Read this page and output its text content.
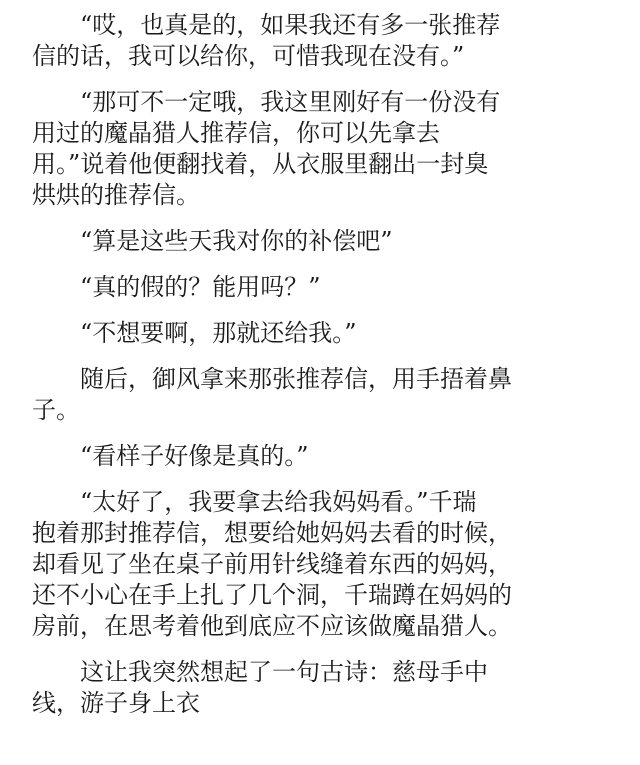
“哎，也真是的，如果我还有多一张推荐
信的话，我可以给你，可惜我现在没有。”

“那可不一定哦，我这里刚好有一份没有
用过的魔晶猎人推荐信，你可以先拿去
用。”说着他便翻找着，从衣服里翻出一封臭
烘烘的推荐信。

“算是这些天我对你的补偿吧”

“真的假的？能用吗？”

“不想要啊，那就还给我。”

随后，御风拿来那张推荐信，用手捂着鼻
子。

“看样子好像是真的。”

“太好了，我要拿去给我妈妈看。”千瑞
抱着那封推荐信，想要给她妈妈去看的时候，
却看见了坐在桌子前用针线缝着东西的妈妈，
还不小心在手上扎了几个洞，千瑞蹲在妈妈的
房前，在思考着他到底应不应该做魔晶猎人。

这让我突然想起了一句古诗：慈母手中
线，游子身上衣
